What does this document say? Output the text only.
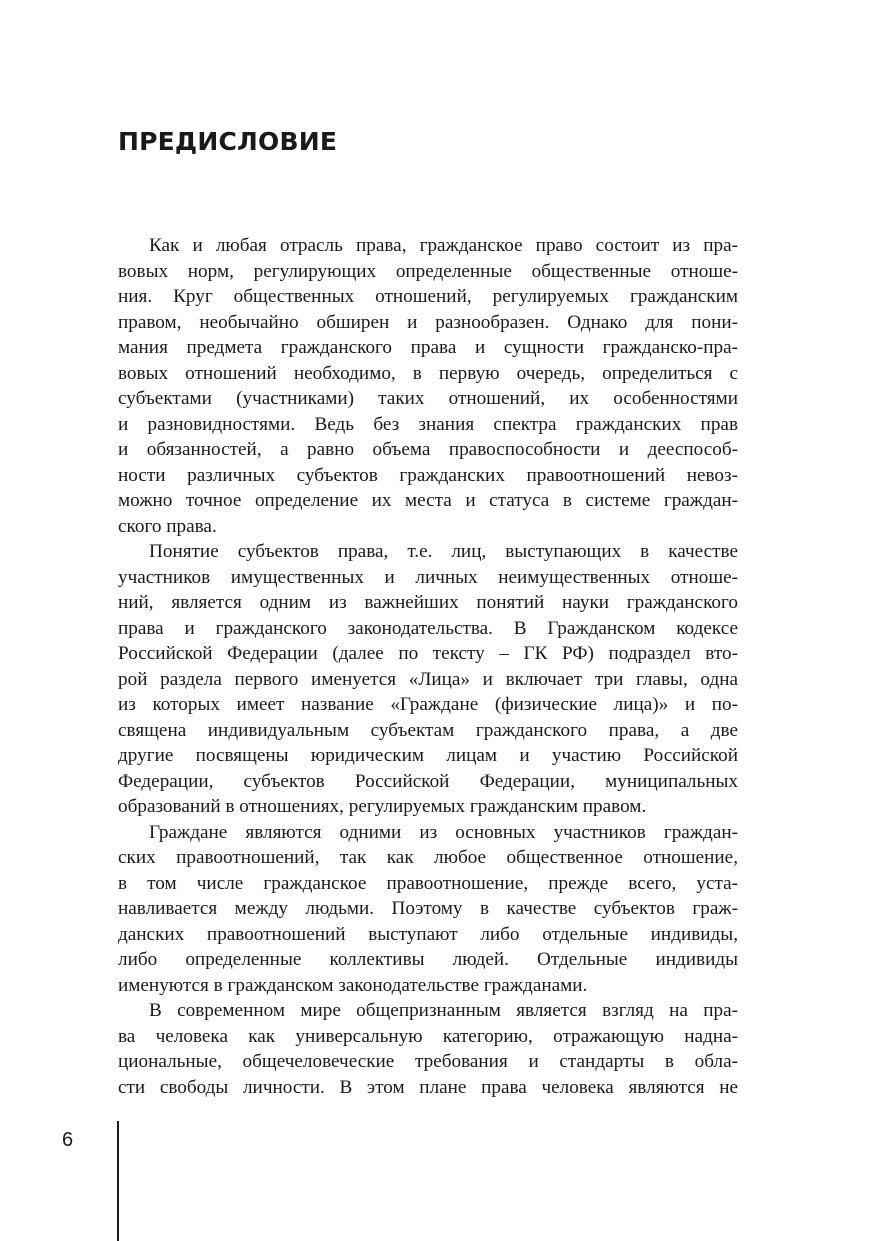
ПРЕДИСЛОВИЕ
Как и любая отрасль права, гражданское право состоит из пра-
вовых норм, регулирующих определенные общественные отноше-
ния. Круг общественных отношений, регулируемых гражданским
правом, необычайно обширен и разнообразен. Однако для пони-
мания предмета гражданского права и сущности гражданско-пра-
вовых отношений необходимо, в первую очередь, определиться с
субъектами (участниками) таких отношений, их особенностями
и разновидностями. Ведь без знания спектра гражданских прав
и обязанностей, а равно объема правоспособности и дееспособ-
ности различных субъектов гражданских правоотношений невоз-
можно точное определение их места и статуса в системе граждан-
ского права.
Понятие субъектов права, т.е. лиц, выступающих в качестве
участников имущественных и личных неимущественных отноше-
ний, является одним из важнейших понятий науки гражданского
права и гражданского законодательства. В Гражданском кодексе
Российской Федерации (далее по тексту – ГК РФ) подраздел вто-
рой раздела первого именуется «Лица» и включает три главы, одна
из которых имеет название «Граждане (физические лица)» и по-
священа индивидуальным субъектам гражданского права, а две
другие посвящены юридическим лицам и участию Российской
Федерации, субъектов Российской Федерации, муниципальных
образований в отношениях, регулируемых гражданским правом.
Граждане являются одними из основных участников граждан-
ских правоотношений, так как любое общественное отношение,
в том числе гражданское правоотношение, прежде всего, уста-
навливается между людьми. Поэтому в качестве субъектов граж-
данских правоотношений выступают либо отдельные индивиды,
либо определенные коллективы людей. Отдельные индивиды
именуются в гражданском законодательстве гражданами.
В современном мире общепризнанным является взгляд на пра-
ва человека как универсальную категорию, отражающую надна-
циональные, общечеловеческие требования и стандарты в обла-
сти свободы личности. В этом плане права человека являются не
6
